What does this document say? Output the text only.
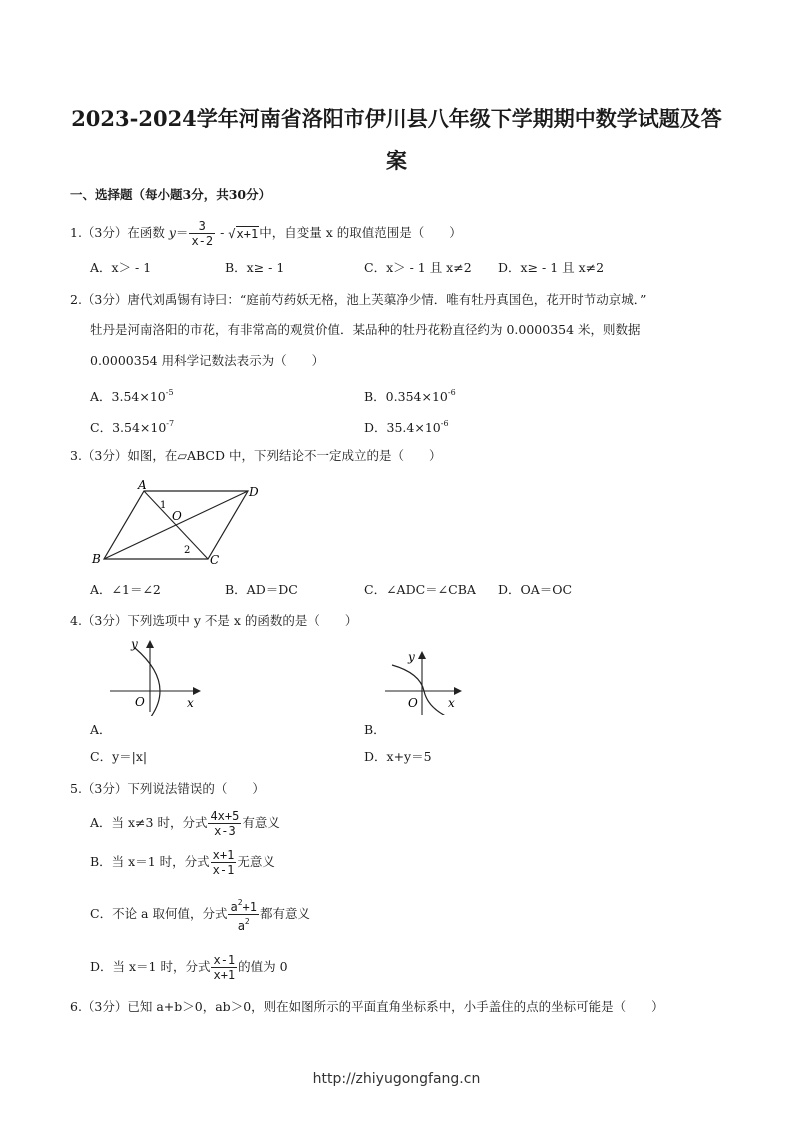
2023-2024学年河南省洛阳市伊川县八年级下学期期中数学试题及答
案
一、选择题（每小题3分，共30分）
1.（3分）在函数 $y= \frac{3}{x-2} - √x+1$中，自变量 x 的取值范围是（　　）
A．x＞ - 1	B．x≥ - 1	C．x＞ - 1 且 x≠2 D．x≥ - 1 且 x≠2
2.（3分）唐代刘禹锡有诗曰：“庭前芍药妖无格，池上芙蕖净少情．唯有牡丹真国色，花开时节动京城．”
牡丹是河南洛阳的市花，有非常高的观赏价值．某品种的牡丹花粉直径约为 0.0000354 米，则数据
0.0000354 用科学记数法表示为（　　）
A．$3.54\times 10^{-5}$	B．$0.354\times 10^{-6}$
C．$3.54\times 10^{-7}$	D．$35.4\times 10^{-6}$
3.（3分）如图，在▱ABCD 中，下列结论不一定成立的是（　　）
A	D
B	C
O
1
2
A．∠1＝∠2	B．AD＝DC	C．∠ADC＝∠CBA D．OA＝OC
4.（3分）下列选项中 y 不是 x 的函数的是（　　）
y
x
O
y
x
O
A．	B．
C．y＝|x|	D．x+y＝5
5.（3分）下列说法错误的（　　）
A．当 x≠3 时，分式 $\frac{4x+5}{x-3}$ 有意义
B．当 x＝1 时，分式 $\frac{x+1}{x-1}$ 无意义
C．不论 a 取何值，分式 $\frac{a^2+1}{a^2}$ 都有意义
D．当 x＝1 时，分式 $\frac{x-1}{x+1}$ 的值为 0
6.（3分）已知 a+b＞0，ab＞0，则在如图所示的平面直角坐标系中，小手盖住的点的坐标可能是（　　）
http://zhiyugongfang.cn
